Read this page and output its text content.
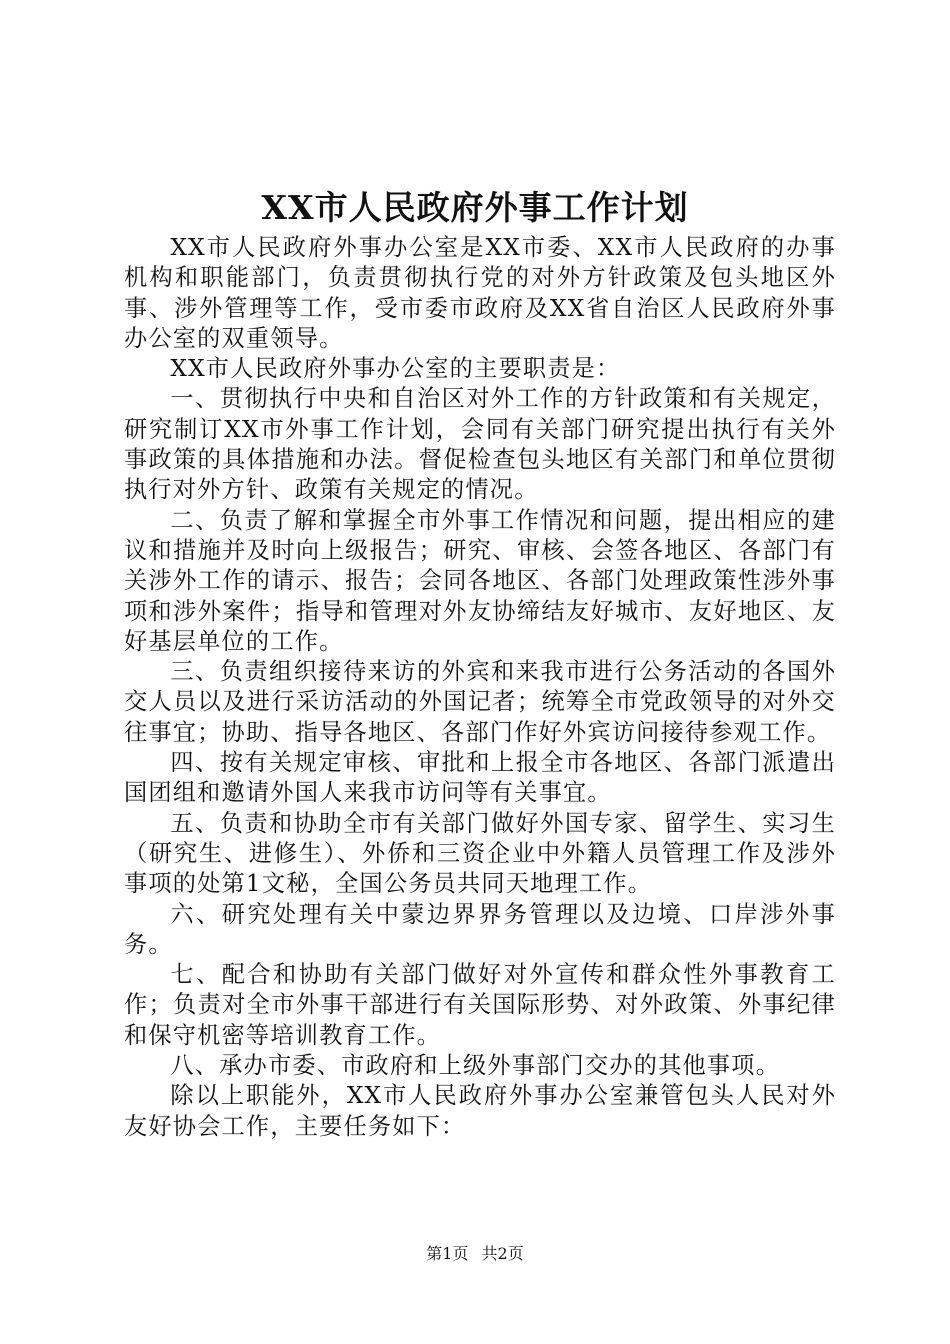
XX市人民政府外事工作计划

XX市人民政府外事办公室是XX市委、XX市人民政府的办事机构和职能部门，负责贯彻执行党的对外方针政策及包头地区外事、涉外管理等工作，受市委市政府及XX省自治区人民政府外事办公室的双重领导。

XX市人民政府外事办公室的主要职责是：

一、贯彻执行中央和自治区对外工作的方针政策和有关规定，研究制订XX市外事工作计划，会同有关部门研究提出执行有关外事政策的具体措施和办法。督促检查包头地区有关部门和单位贯彻执行对外方针、政策有关规定的情况。

二、负责了解和掌握全市外事工作情况和问题，提出相应的建议和措施并及时向上级报告；研究、审核、会签各地区、各部门有关涉外工作的请示、报告；会同各地区、各部门处理政策性涉外事项和涉外案件；指导和管理对外友协缔结友好城市、友好地区、友好基层单位的工作。

三、负责组织接待来访的外宾和来我市进行公务活动的各国外交人员以及进行采访活动的外国记者；统筹全市党政领导的对外交往事宜；协助、指导各地区、各部门作好外宾访问接待参观工作。

四、按有关规定审核、审批和上报全市各地区、各部门派遣出国团组和邀请外国人来我市访问等有关事宜。

五、负责和协助全市有关部门做好外国专家、留学生、实习生（研究生、进修生）、外侨和三资企业中外籍人员管理工作及涉外事项的处第1文秘，全国公务员共同天地理工作。

六、研究处理有关中蒙边界界务管理以及边境、口岸涉外事务。

七、配合和协助有关部门做好对外宣传和群众性外事教育工作；负责对全市外事干部进行有关国际形势、对外政策、外事纪律和保守机密等培训教育工作。

八、承办市委、市政府和上级外事部门交办的其他事项。

除以上职能外，XX市人民政府外事办公室兼管包头人民对外友好协会工作，主要任务如下：

第1页 共2页
